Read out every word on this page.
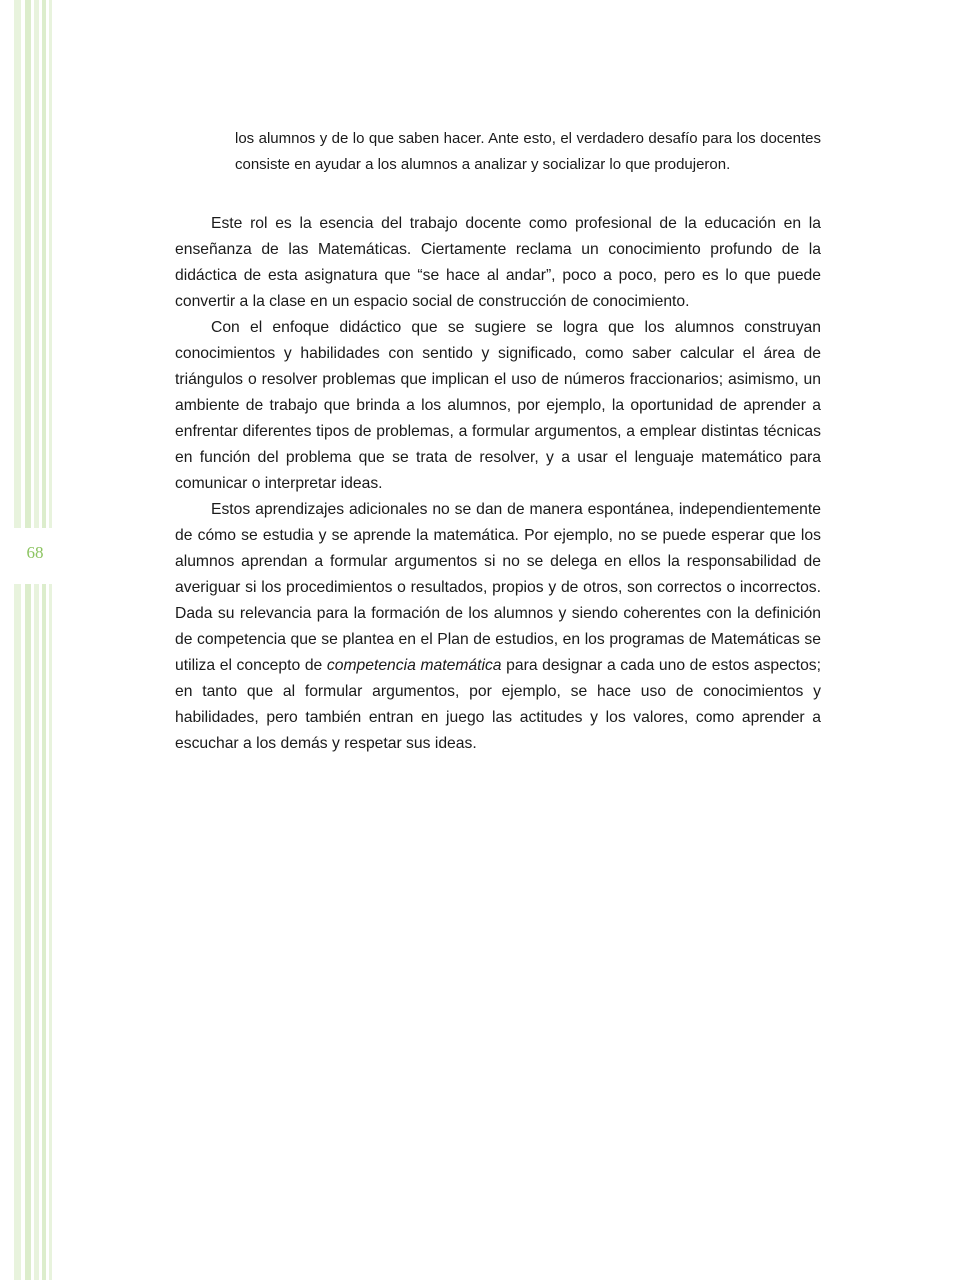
68

los alumnos y de lo que saben hacer. Ante esto, el verdadero desafío para los docentes consiste en ayudar a los alumnos a analizar y socializar lo que produjeron.

Este rol es la esencia del trabajo docente como profesional de la educación en la enseñanza de las Matemáticas. Ciertamente reclama un conocimiento profundo de la didáctica de esta asignatura que “se hace al andar”, poco a poco, pero es lo que puede convertir a la clase en un espacio social de construcción de conocimiento.

Con el enfoque didáctico que se sugiere se logra que los alumnos construyan conocimientos y habilidades con sentido y significado, como saber calcular el área de triángulos o resolver problemas que implican el uso de números fraccionarios; asimismo, un ambiente de trabajo que brinda a los alumnos, por ejemplo, la oportunidad de aprender a enfrentar diferentes tipos de problemas, a formular argumentos, a emplear distintas técnicas en función del problema que se trata de resolver, y a usar el lenguaje matemático para comunicar o interpretar ideas.

Estos aprendizajes adicionales no se dan de manera espontánea, independientemente de cómo se estudia y se aprende la matemática. Por ejemplo, no se puede esperar que los alumnos aprendan a formular argumentos si no se delega en ellos la responsabilidad de averiguar si los procedimientos o resultados, propios y de otros, son correctos o incorrectos. Dada su relevancia para la formación de los alumnos y siendo coherentes con la definición de competencia que se plantea en el Plan de estudios, en los programas de Matemáticas se utiliza el concepto de competencia matemática para designar a cada uno de estos aspectos; en tanto que al formular argumentos, por ejemplo, se hace uso de conocimientos y habilidades, pero también entran en juego las actitudes y los valores, como aprender a escuchar a los demás y respetar sus ideas.
